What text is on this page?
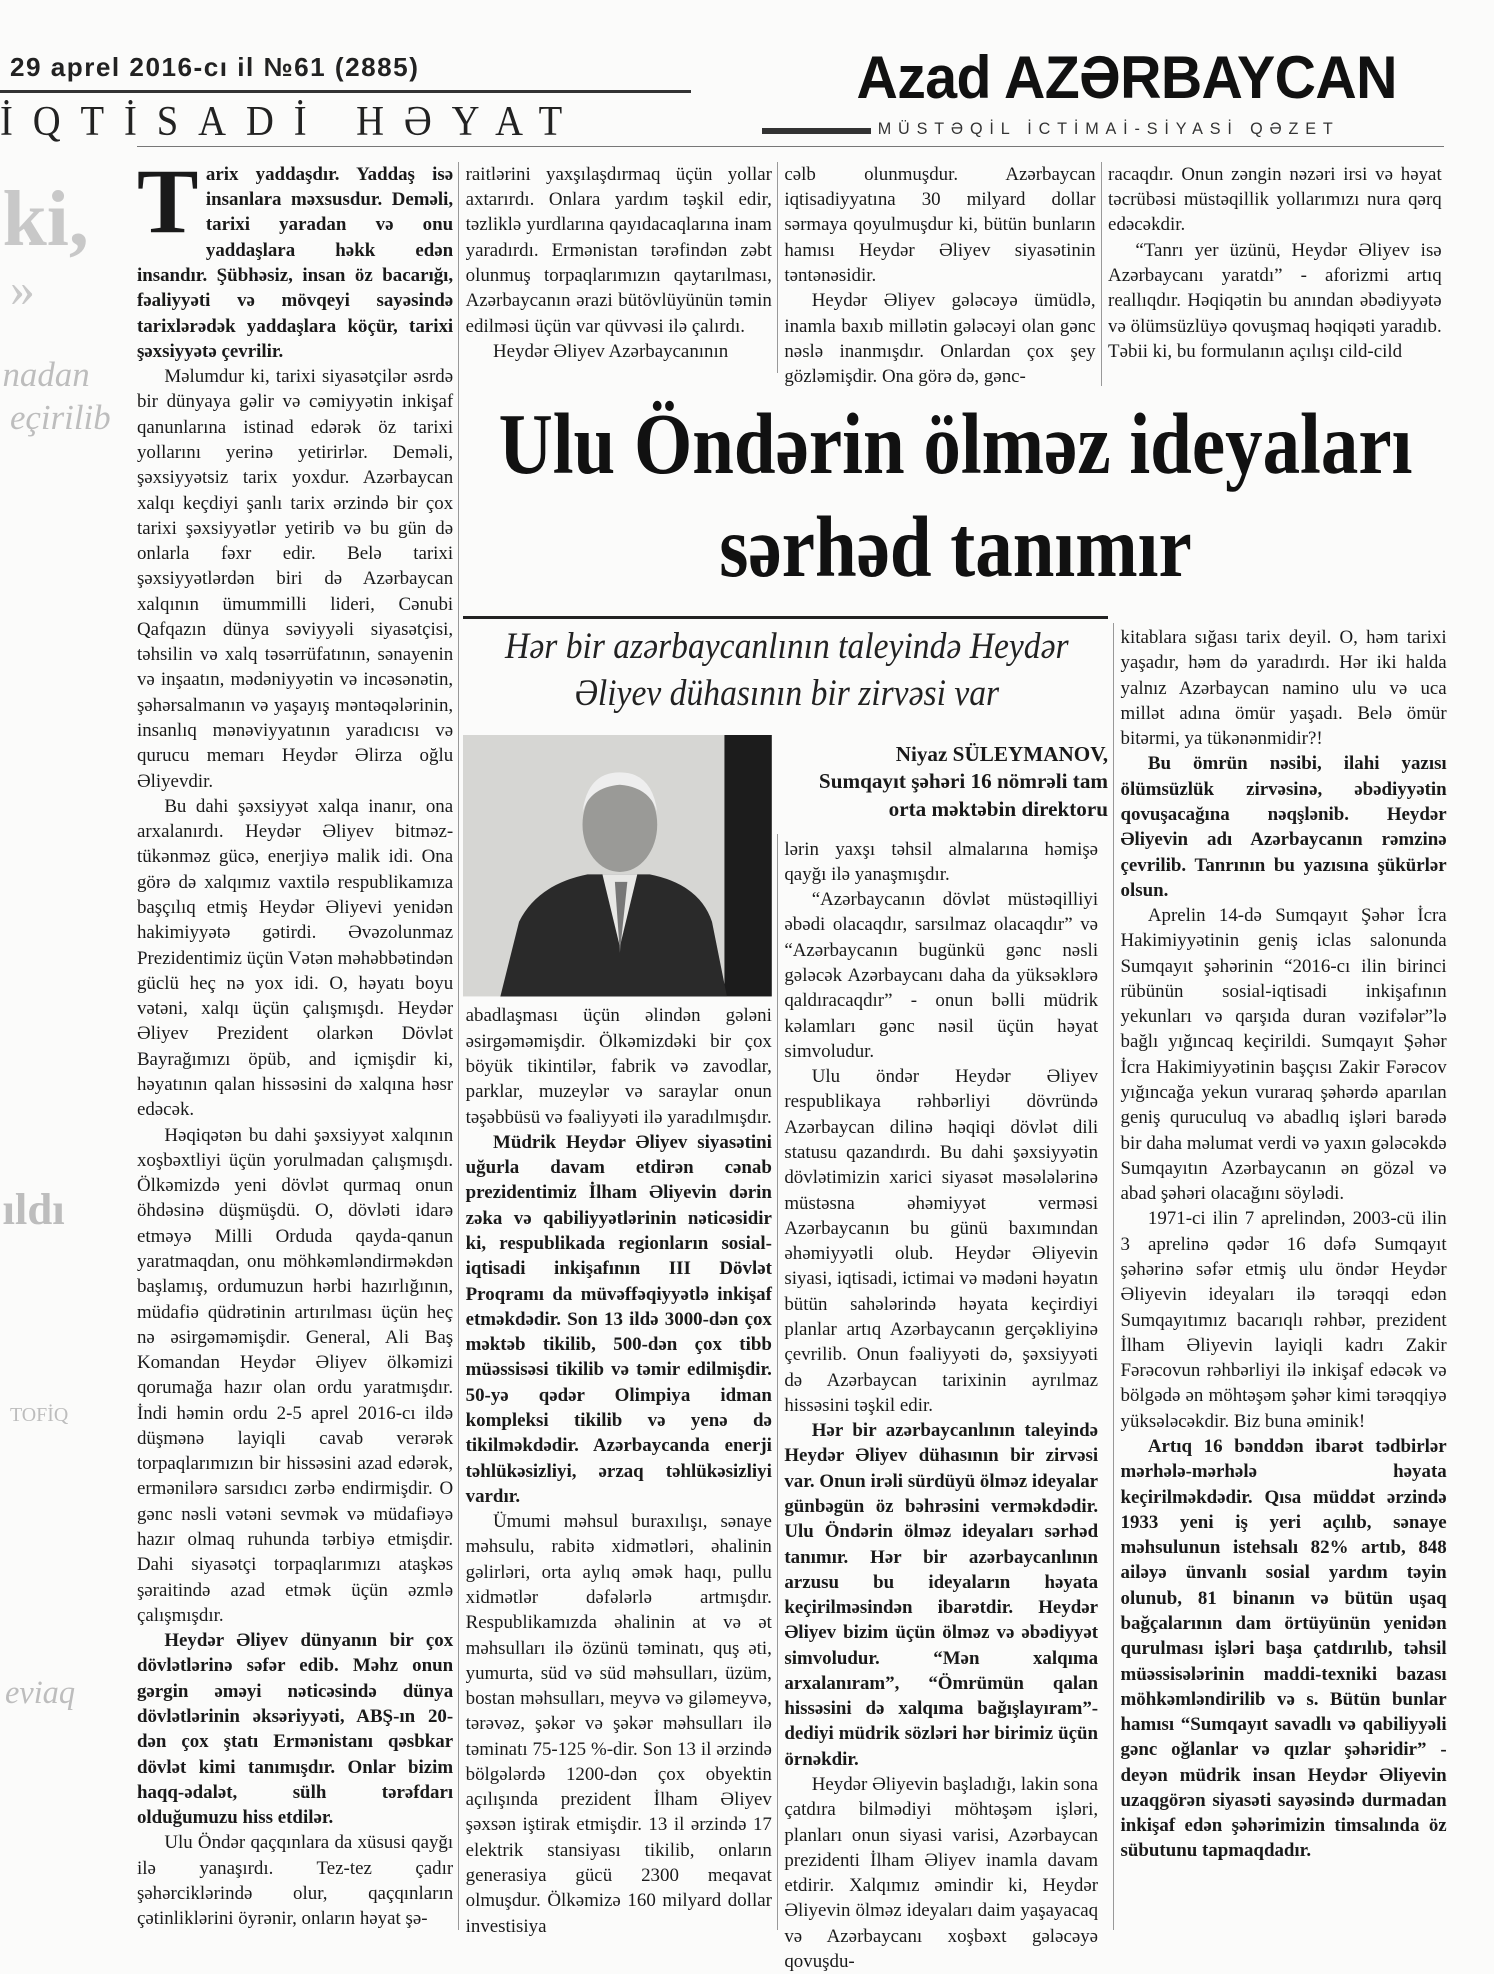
29 aprel 2016-cı il №61 (2885)
İQTİSADİ HƏYAT
Azad AZƏRBAYCAN
MÜSTƏQİL İCTİMAİ-SİYASİ QƏZET
ki,
»
nadan
eçirilib
ıldı
TOFİQ
eviaq

Tarix yaddaşdır. Yaddaş isə insanlara məxsusdur. Deməli, tarixi yaradan və onu yaddaşlara həkk edən insandır. Şübhəsiz, insan öz bacarığı, fəaliyyəti və mövqeyi sayəsində tarixlərədək yaddaşlara köçür, tarixi şəxsiyyətə çevrilir.

Məlumdur ki, tarixi siyasətçilər əsrdə bir dünyaya gəlir və cəmiyyətin inkişaf qanunlarına istinad edərək öz tarixi yollarını yerinə yetirirlər. Deməli, şəxsiyyətsiz tarix yoxdur. Azərbaycan xalqı keçdiyi şanlı tarix ərzində bir çox tarixi şəxsiyyətlər yetirib və bu gün də onlarla fəxr edir. Belə tarixi şəxsiyyətlərdən biri də Azərbaycan xalqının ümummilli lideri, Cənubi Qafqazın dünya səviyyəli siyasətçisi, təhsilin və xalq təsərrüfatının, sənayenin və inşaatın, mədəniyyətin və incəsənətin, şəhərsalmanın və yaşayış məntəqələrinin, insanlıq mənəviyyatının yaradıcısı və qurucu memarı Heydər Əlirza oğlu Əliyevdir.

Bu dahi şəxsiyyət xalqa inanır, ona arxalanırdı. Heydər Əliyev bitməz-tükənməz gücə, enerjiyə malik idi. Ona görə də xalqımız vaxtilə respublikamıza başçılıq etmiş Heydər Əliyevi yenidən hakimiyyətə gətirdi. Əvəzolunmaz Prezidentimiz üçün Vətən məhəbbətindən güclü heç nə yox idi. O, həyatı boyu vətəni, xalqı üçün çalışmışdı. Heydər Əliyev Prezident olarkən Dövlət Bayrağımızı öpüb, and içmişdir ki, həyatının qalan hissəsini də xalqına həsr edəcək.

Həqiqətən bu dahi şəxsiyyət xalqının xoşbəxtliyi üçün yorulmadan çalışmışdı. Ölkəmizdə yeni dövlət qurmaq onun öhdəsinə düşmüşdü. O, dövləti idarə etməyə Milli Orduda qayda-qanun yaratmaqdan, onu möhkəmləndirməkdən başlamış, ordumuzun hərbi hazırlığının, müdafiə qüdrətinin artırılması üçün heç nə əsirgəməmişdir. General, Ali Baş Komandan Heydər Əliyev ölkəmizi qorumağa hazır olan ordu yaratmışdır. İndi həmin ordu 2-5 aprel 2016-cı ildə düşmənə layiqli cavab verərək torpaqlarımızın bir hissəsini azad edərək, ermənilərə sarsıdıcı zərbə endirmişdir. O gənc nəsli vətəni sevmək və müdafiəyə hazır olmaq ruhunda tərbiyə etmişdir. Dahi siyasətçi torpaqlarımızı ataşkəs şəraitində azad etmək üçün əzmlə çalışmışdır.

Heydər Əliyev dünyanın bir çox dövlətlərinə səfər edib. Məhz onun gərgin əməyi nəticəsində dünya dövlətlərinin əksəriyyəti, ABŞ-ın 20-dən çox ştatı Ermənistanı qəsbkar dövlət kimi tanımışdır. Onlar bizim haqq-ədalət, sülh tərəfdarı olduğumuzu hiss etdilər.

Ulu Öndər qaçqınlara da xüsusi qayğı ilə yanaşırdı. Tez-tez çadır şəhərciklərində olur, qaçqınların çətinliklərini öyrənir, onların həyat şə-

raitlərini yaxşılaşdırmaq üçün yollar axtarırdı. Onlara yardım təşkil edir, təzliklə yurdlarına qayıdacaqlarına inam yaradırdı. Ermənistan tərəfindən zəbt olunmuş torpaqlarımızın qaytarılması, Azərbaycanın ərazi bütövlüyünün təmin edilməsi üçün var qüvvəsi ilə çalırdı.

Heydər Əliyev Azərbaycanının

cəlb olunmuşdur. Azərbaycan iqtisadiyyatına 30 milyard dollar sərmaya qoyulmuşdur ki, bütün bunların hamısı Heydər Əliyev siyasətinin təntənəsidir.

Heydər Əliyev gələcəyə ümüdlə, inamla baxıb millətin gələcəyi olan gənc nəslə inanmışdır. Onlardan çox şey gözləmişdir. Ona görə də, gənc-

racaqdır. Onun zəngin nəzəri irsi və həyat təcrübəsi müstəqillik yollarımızı nura qərq edəcəkdir.

“Tanrı yer üzünü, Heydər Əliyev isə Azərbaycanı yaratdı” - aforizmi artıq reallıqdır. Həqiqətin bu anından əbədiyyətə və ölümsüzlüyə qovuşmaq həqiqəti yaradıb. Təbii ki, bu formulanın açılışı cild-cild

Ulu Öndərin ölməz ideyaları sərhəd tanımır
Hər bir azərbaycanlının taleyində Heydər Əliyev dühasının bir zirvəsi var
Niyaz SÜLEYMANOV,
Sumqayıt şəhəri 16 nömrəli tam orta məktəbin direktoru

abadlaşması üçün əlindən gələni əsirgəməmişdir. Ölkəmizdəki bir çox böyük tikintilər, fabrik və zavodlar, parklar, muzeylər və saraylar onun təşəbbüsü və fəaliyyəti ilə yaradılmışdır.

Müdrik Heydər Əliyev siyasətini uğurla davam etdirən cənab prezidentimiz İlham Əliyevin dərin zəka və qabiliyyətlərinin nəticəsidir ki, respublikada regionların sosial-iqtisadi inkişafının III Dövlət Proqramı da müvəffəqiyyətlə inkişaf etməkdədir. Son 13 ildə 3000-dən çox məktəb tikilib, 500-dən çox tibb müəssisəsi tikilib və təmir edilmişdir. 50-yə qədər Olimpiya idman kompleksi tikilib və yenə də tikilməkdədir. Azərbaycanda enerji təhlükəsizliyi, ərzaq təhlükəsizliyi vardır.

Ümumi məhsul buraxılışı, sənaye məhsulu, rabitə xidmətləri, əhalinin gəlirləri, orta aylıq əmək haqı, pullu xidmətlər dəfələrlə artmışdır. Respublikamızda əhalinin at və ət məhsulları ilə özünü təminatı, quş əti, yumurta, süd və süd məhsulları, üzüm, bostan məhsulları, meyvə və giləmeyvə, tərəvəz, şəkər və şəkər məhsulları ilə təminatı 75-125 %-dir. Son 13 il ərzində bölgələrdə 1200-dən çox obyektin açılışında prezident İlham Əliyev şəxsən iştirak etmişdir. 13 il ərzində 17 elektrik stansiyası tikilib, onların generasiya gücü 2300 meqavat olmuşdur. Ölkəmizə 160 milyard dollar investisiya

lərin yaxşı təhsil almalarına həmişə qayğı ilə yanaşmışdır.

“Azərbaycanın dövlət müstəqilliyi əbədi olacaqdır, sarsılmaz olacaqdır” və “Azərbaycanın bugünkü gənc nəsli gələcək Azərbaycanı daha da yüksəklərə qaldıracaqdır” - onun bəlli müdrik kəlamları gənc nəsil üçün həyat simvoludur.

Ulu öndər Heydər Əliyev respublikaya rəhbərliyi dövründə Azərbaycan dilinə həqiqi dövlət dili statusu qazandırdı. Bu dahi şəxsiyyətin dövlətimizin xarici siyasət məsələlərinə müstəsna əhəmiyyət verməsi Azərbaycanın bu günü baxımından əhəmiyyətli olub. Heydər Əliyevin siyasi, iqtisadi, ictimai və mədəni həyatın bütün sahələrində həyata keçirdiyi planlar artıq Azərbaycanın gerçəkliyinə çevrilib. Onun fəaliyyəti də, şəxsiyyəti də Azərbaycan tarixinin ayrılmaz hissəsini təşkil edir.

Hər bir azərbaycanlının taleyində Heydər Əliyev dühasının bir zirvəsi var. Onun irəli sürdüyü ölməz ideyalar günbəgün öz bəhrəsini verməkdədir. Ulu Öndərin ölməz ideyaları sərhəd tanımır. Hər bir azərbaycanlının arzusu bu ideyaların həyata keçirilməsindən ibarətdir. Heydər Əliyev bizim üçün ölməz və əbədiyyət simvoludur. “Mən xalqıma arxalanıram”, “Ömrümün qalan hissəsini də xalqıma bağışlayıram”- dediyi müdrik sözləri hər birimiz üçün örnəkdir.

Heydər Əliyevin başladığı, lakin sona çatdıra bilmədiyi möhtəşəm işləri, planları onun siyasi varisi, Azərbaycan prezidenti İlham Əliyev inamla davam etdirir. Xalqımız əmindir ki, Heydər Əliyevin ölməz ideyaları daim yaşayacaq və Azərbaycanı xoşbəxt gələcəyə qovuşdu-

kitablara sığası tarix deyil. O, həm tarixi yaşadır, həm də yaradırdı. Hər iki halda yalnız Azərbaycan namino ulu və uca millət adına ömür yaşadı. Belə ömür bitərmi, ya tükənənmidir?!

Bu ömrün nəsibi, ilahi yazısı ölümsüzlük zirvəsinə, əbədiyyətin qovuşacağına nəqşlənib. Heydər Əliyevin adı Azərbaycanın rəmzinə çevrilib. Tanrının bu yazısına şükürlər olsun.

Aprelin 14-də Sumqayıt Şəhər İcra Hakimiyyətinin geniş iclas salonunda Sumqayıt şəhərinin “2016-cı ilin birinci rübünün sosial-iqtisadi inkişafının yekunları və qarşıda duran vəzifələr”lə bağlı yığıncaq keçirildi. Sumqayıt Şəhər İcra Hakimiyyətinin başçısı Zakir Fərəcov yığıncağa yekun vuraraq şəhərdə aparılan geniş quruculuq və abadlıq işləri barədə bir daha məlumat verdi və yaxın gələcəkdə Sumqayıtın Azərbaycanın ən gözəl və abad şəhəri olacağını söylədi.

1971-ci ilin 7 aprelindən, 2003-cü ilin 3 aprelinə qədər 16 dəfə Sumqayıt şəhərinə səfər etmiş ulu öndər Heydər Əliyevin ideyaları ilə tərəqqi edən Sumqayıtımız bacarıqlı rəhbər, prezident İlham Əliyevin layiqli kadrı Zakir Fərəcovun rəhbərliyi ilə inkişaf edəcək və bölgədə ən möhtəşəm şəhər kimi tərəqqiyə yüksələcəkdir. Biz buna əminik!

Artıq 16 bənddən ibarət tədbirlər mərhələ-mərhələ həyata keçirilməkdədir. Qısa müddət ərzində 1933 yeni iş yeri açılıb, sənaye məhsulunun istehsalı 82% artıb, 848 ailəyə ünvanlı sosial yardım təyin olunub, 81 binanın və bütün uşaq bağçalarının dam örtüyünün yenidən qurulması işləri başa çatdırılıb, təhsil müəssisələrinin maddi-texniki bazası möhkəmləndirilib və s. Bütün bunlar hamısı “Sumqayıt savadlı və qabiliyyəli gənc oğlanlar və qızlar şəhəridir” - deyən müdrik insan Heydər Əliyevin uzaqgörən siyasəti sayəsində durmadan inkişaf edən şəhərimizin timsalında öz sübutunu tapmaqdadır.
